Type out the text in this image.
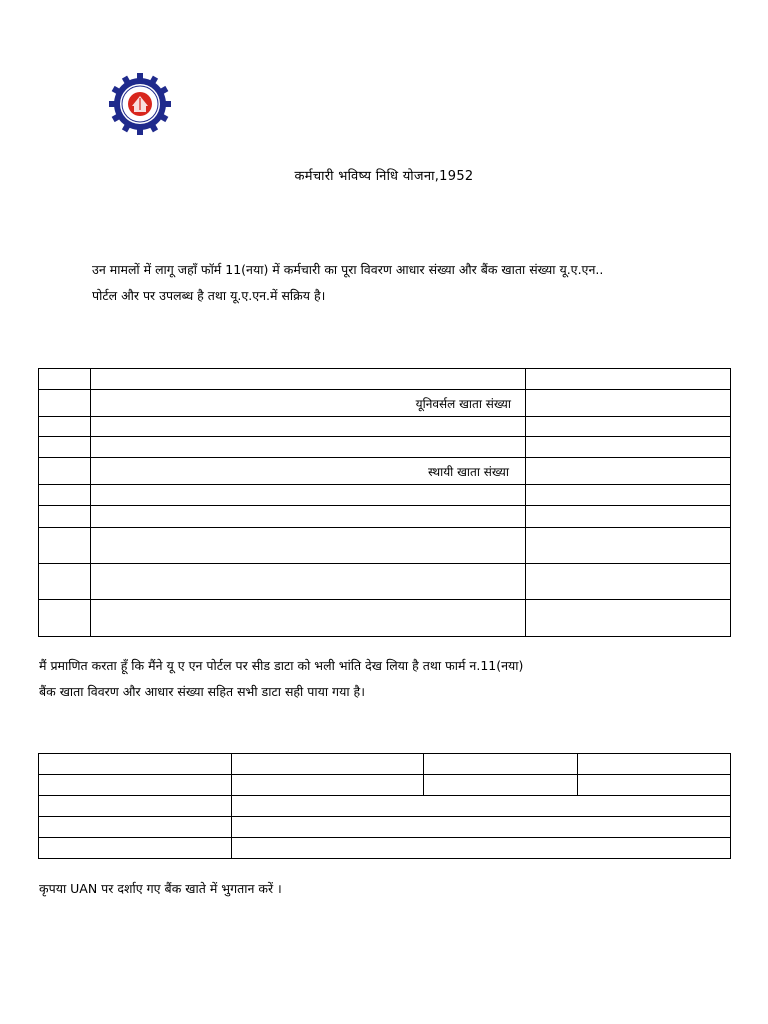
कर्मचारी भविष्य निधि योजना,1952
उन मामलों में लागू जहाँ फॉर्म 11(नया) में कर्मचारी का पूरा विवरण आधार संख्या और बैंक खाता संख्या यू.ए.एन..
पोर्टल और पर उपलब्ध है तथा यू.ए.एन.में सक्रिय है।

	यूनिवर्सल खाता संख्या	

	स्थायी खाता संख्या	

मैं प्रमाणित करता हूँ कि मैंने यू ए एन पोर्टल पर सीड डाटा को भली भांति देख लिया है तथा फार्म न.11(नया)
बैंक खाता विवरण और आधार संख्या सहित सभी डाटा सही पाया गया है।

कृपया UAN पर दर्शाए गए बैंक खाते में भुगतान करें ।
